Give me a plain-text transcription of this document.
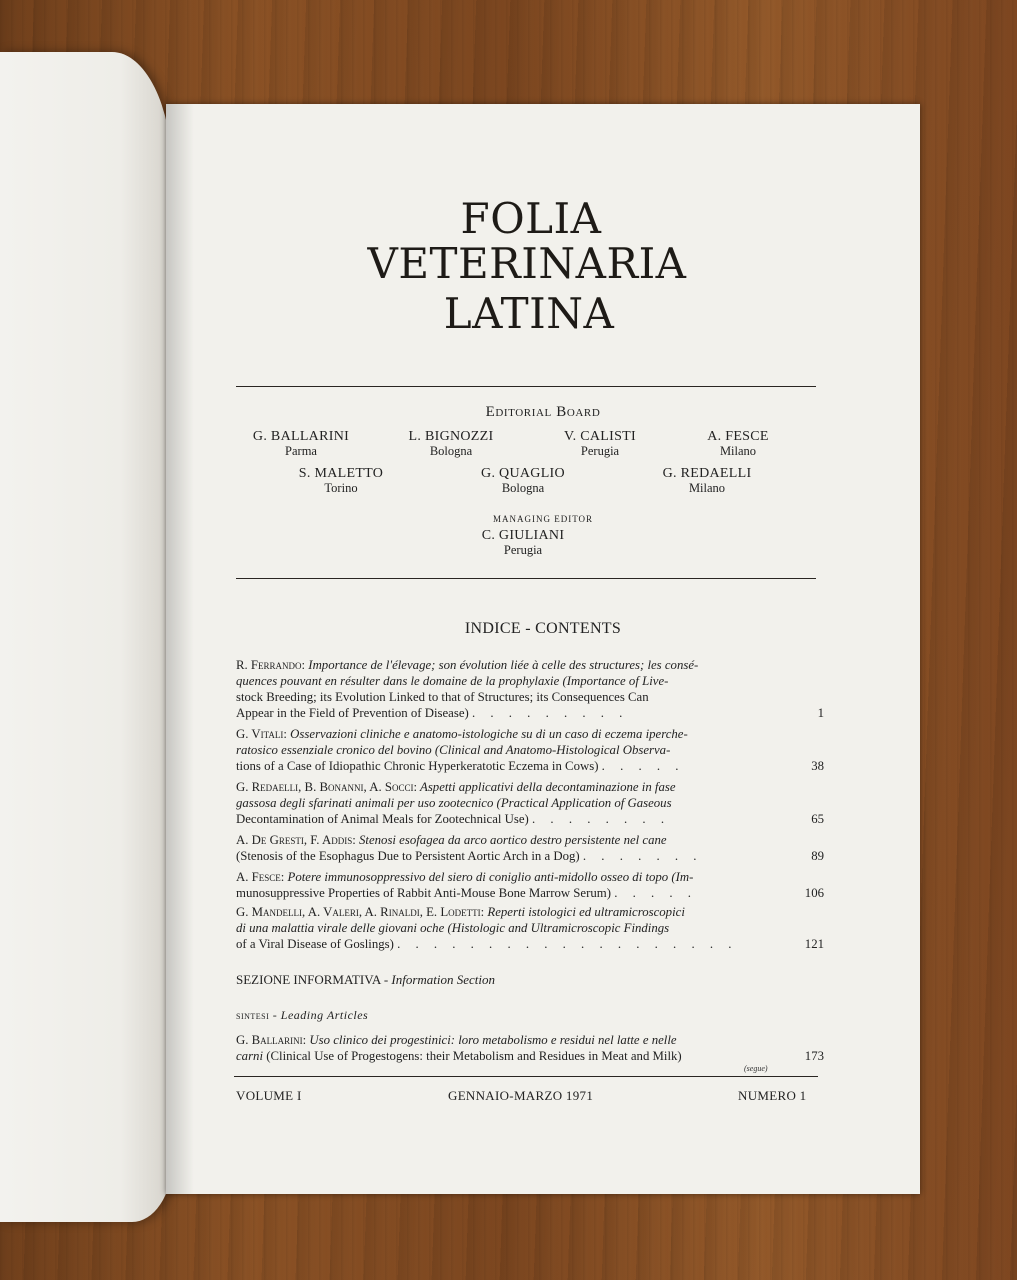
FOLIA
VETERINARIA
LATINA
Editorial Board
G. BALLARINI
Parma
L. BIGNOZZI
Bologna
V. CALISTI
Perugia
A. FESCE
Milano
S. MALETTO
Torino
G. QUAGLIO
Bologna
G. REDAELLI
Milano
MANAGING EDITOR
C. GIULIANI
Perugia
INDICE - CONTENTS
R. Ferrando: Importance de l'élevage; son évolution liée à celle des structures; les consé-
quences pouvant en résulter dans le domaine de la prophylaxie (Importance of Live-
stock Breeding; its Evolution Linked to that of Structures; its Consequences Can
Appear in the Field of Prevention of Disease) . . . . . . . . .	1
G. Vitali: Osservazioni cliniche e anatomo-istologiche su di un caso di eczema iperche-
ratosico essenziale cronico del bovino (Clinical and Anatomo-Histological Observa-
tions of a Case of Idiopathic Chronic Hyperkeratotic Eczema in Cows) . . . . .	38
G. Redaelli, B. Bonanni, A. Socci: Aspetti applicativi della decontaminazione in fase
gassosa degli sfarinati animali per uso zootecnico (Practical Application of Gaseous
Decontamination of Animal Meals for Zootechnical Use) . . . . . . . .	65
A. De Gresti, F. Addis: Stenosi esofagea da arco aortico destro persistente nel cane
(Stenosis of the Esophagus Due to Persistent Aortic Arch in a Dog) . . . . . . .	89
A. Fesce: Potere immunosoppressivo del siero di coniglio anti-midollo osseo di topo (Im-
munosuppressive Properties of Rabbit Anti-Mouse Bone Marrow Serum) . . . . .	106
G. Mandelli, A. Valeri, A. Rinaldi, E. Lodetti: Reperti istologici ed ultramicroscopici
di una malattia virale delle giovani oche (Histologic and Ultramicroscopic Findings
of a Viral Disease of Goslings) . . . . . . . . . . . . . . . . . . .	121
SEZIONE INFORMATIVA - Information Section
sintesi - Leading Articles
G. Ballarini: Uso clinico dei progestinici: loro metabolismo e residui nel latte e nelle
carni (Clinical Use of Progestogens: their Metabolism and Residues in Meat and Milk)	173
(segue)
VOLUME I	GENNAIO-MARZO 1971	NUMERO 1
